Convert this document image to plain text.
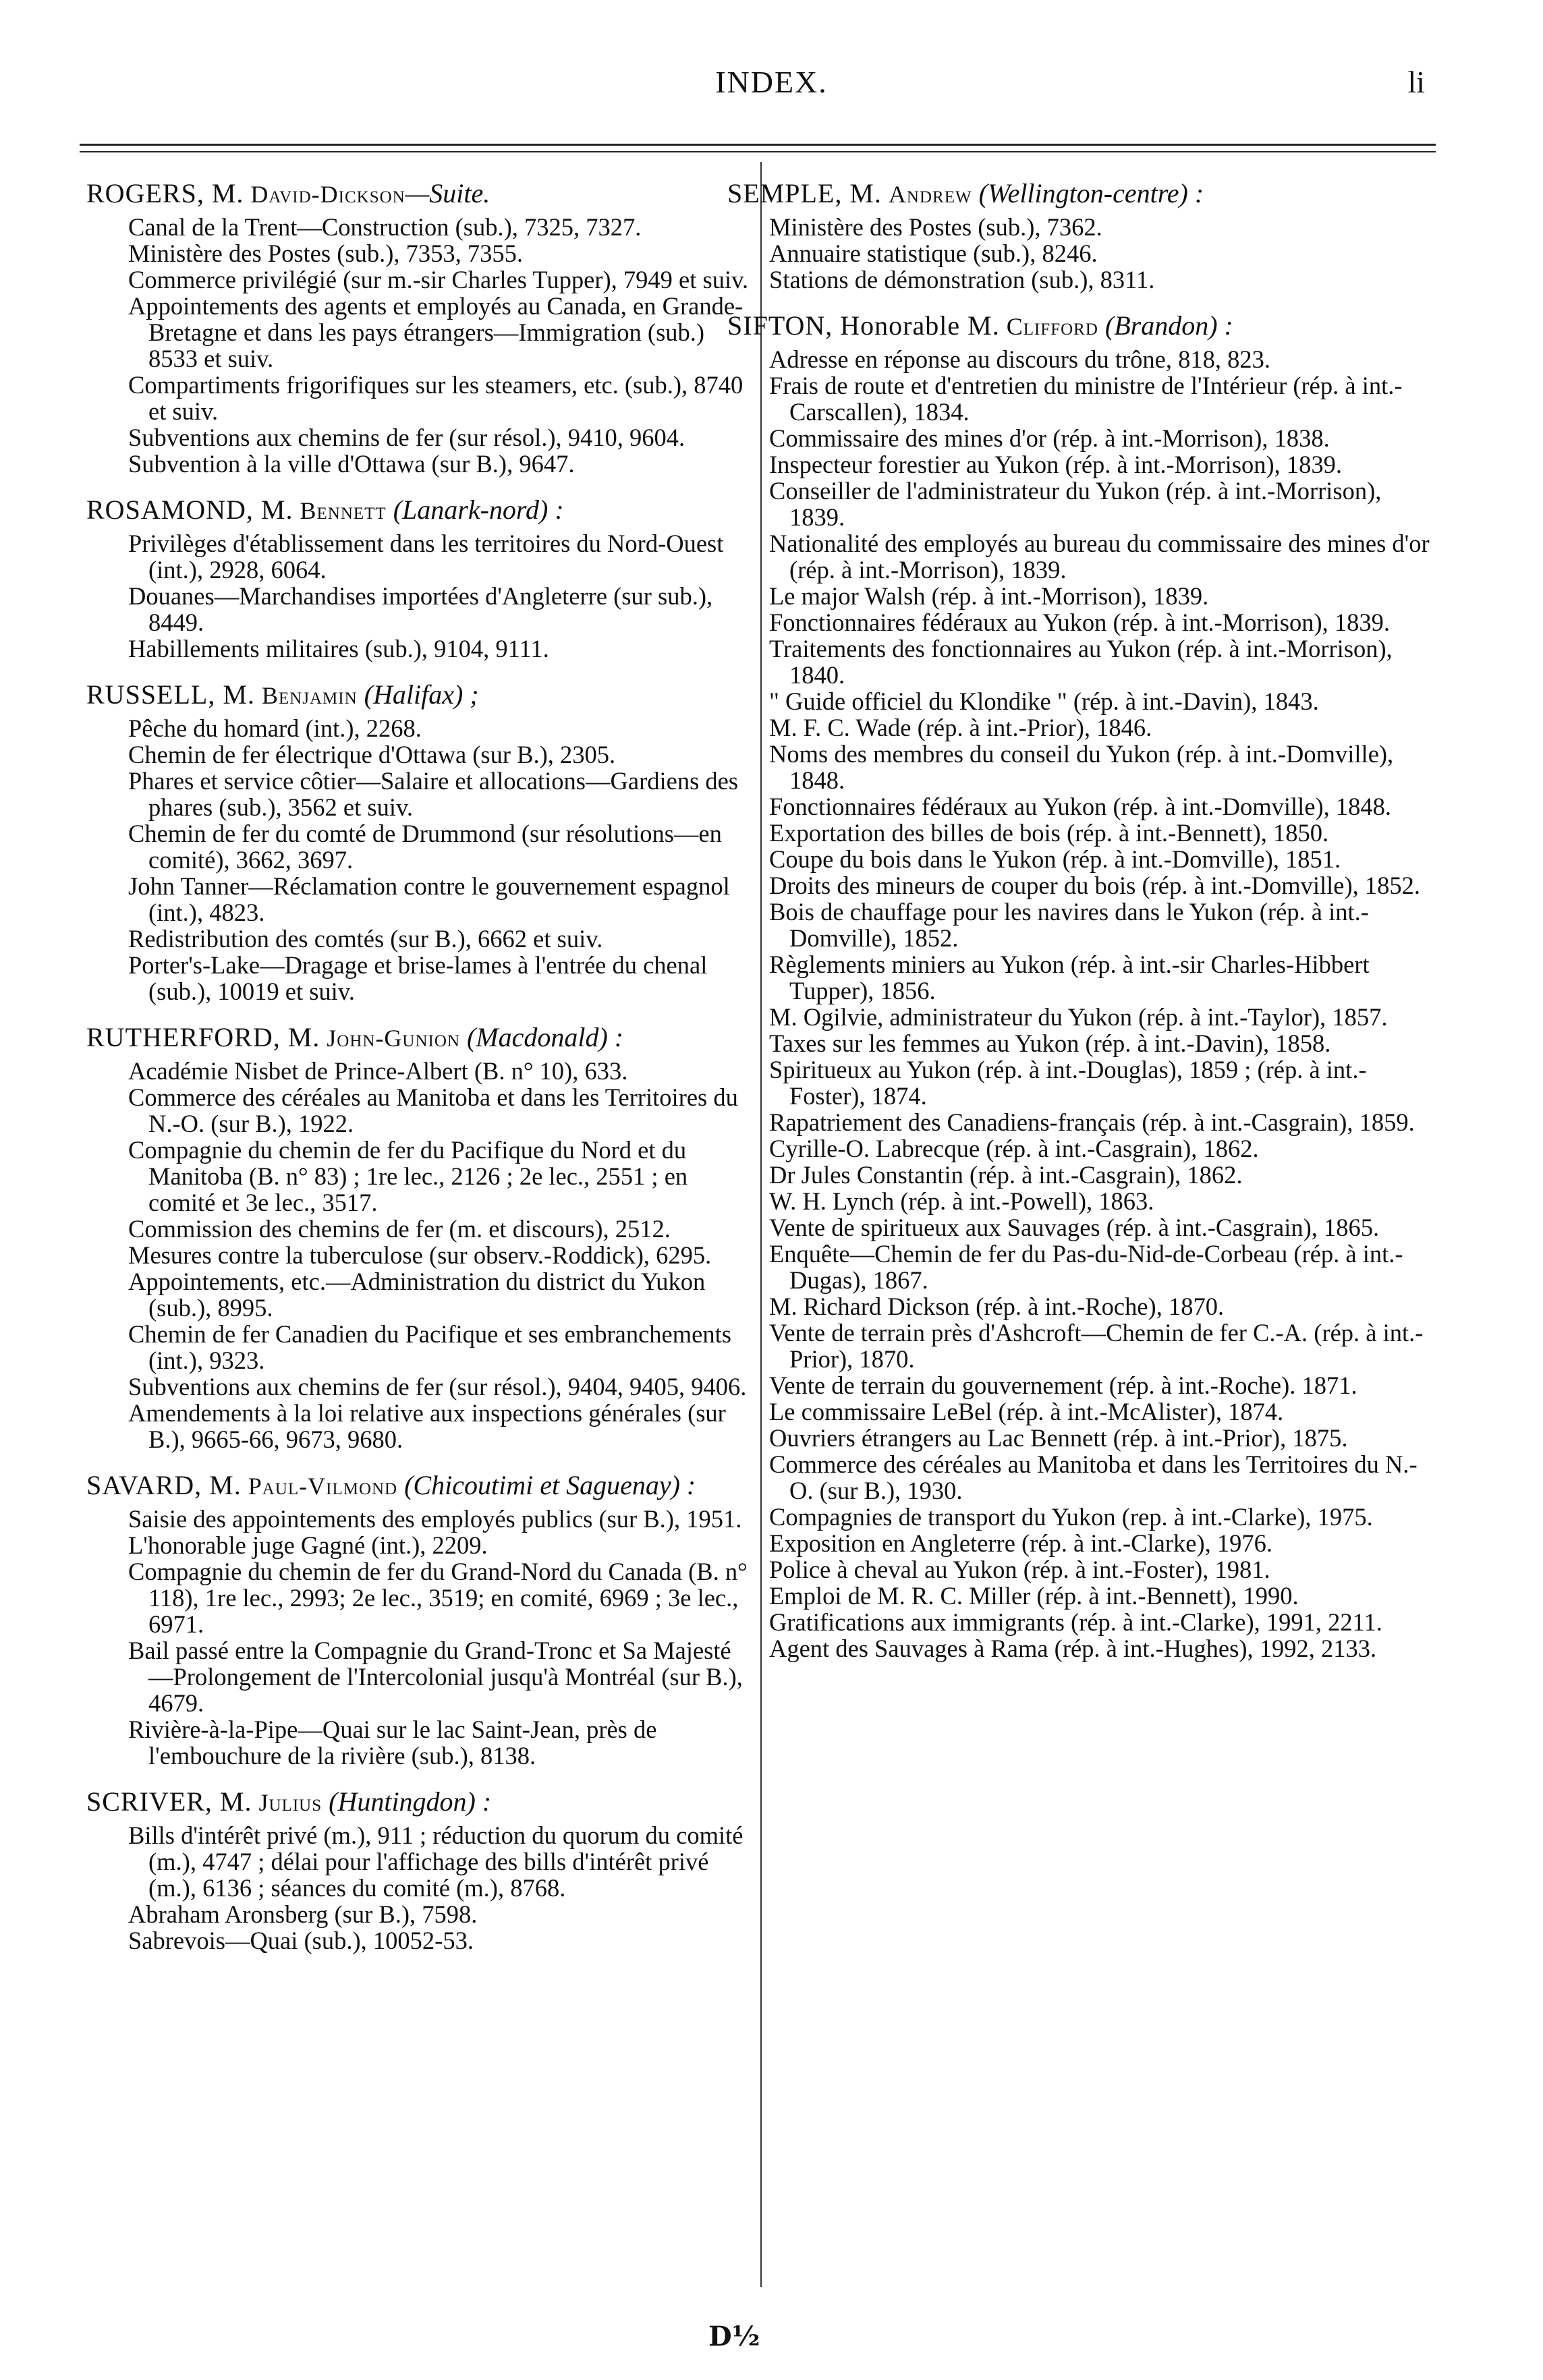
INDEX.	li
ROGERS, M. David-Dickson—Suite.
Canal de la Trent—Construction (sub.), 7325, 7327.
Ministère des Postes (sub.), 7353, 7355.
Commerce privilégié (sur m.-sir Charles Tupper), 7949 et suiv.
Appointements des agents et employés au Canada, en Grande-Bretagne et dans les pays étrangers—Immigration (sub.) 8533 et suiv.
Compartiments frigorifiques sur les steamers, etc. (sub.), 8740 et suiv.
Subventions aux chemins de fer (sur résol.), 9410, 9604.
Subvention à la ville d'Ottawa (sur B.), 9647.
ROSAMOND, M. Bennett (Lanark-nord) :
Privilèges d'établissement dans les territoires du Nord-Ouest (int.), 2928, 6064.
Douanes—Marchandises importées d'Angleterre (sur sub.), 8449.
Habillements militaires (sub.), 9104, 9111.
RUSSELL, M. Benjamin (Halifax) ;
Pêche du homard (int.), 2268.
Chemin de fer électrique d'Ottawa (sur B.), 2305.
Phares et service côtier—Salaire et allocations—Gardiens des phares (sub.), 3562 et suiv.
Chemin de fer du comté de Drummond (sur résolutions—en comité), 3662, 3697.
John Tanner—Réclamation contre le gouvernement espagnol (int.), 4823.
Redistribution des comtés (sur B.), 6662 et suiv.
Porter's-Lake—Dragage et brise-lames à l'entrée du chenal (sub.), 10019 et suiv.
RUTHERFORD, M. John-Gunion (Macdonald) :
Académie Nisbet de Prince-Albert (B. n° 10), 633.
Commerce des céréales au Manitoba et dans les Territoires du N.-O. (sur B.), 1922.
Compagnie du chemin de fer du Pacifique du Nord et du Manitoba (B. n° 83) ; 1re lec., 2126 ; 2e lec., 2551 ; en comité et 3e lec., 3517.
Commission des chemins de fer (m. et discours), 2512.
Mesures contre la tuberculose (sur observ.-Roddick), 6295.
Appointements, etc.—Administration du district du Yukon (sub.), 8995.
Chemin de fer Canadien du Pacifique et ses embranchements (int.), 9323.
Subventions aux chemins de fer (sur résol.), 9404, 9405, 9406.
Amendements à la loi relative aux inspections générales (sur B.), 9665-66, 9673, 9680.
SAVARD, M. Paul-Vilmond (Chicoutimi et Saguenay) :
Saisie des appointements des employés publics (sur B.), 1951.
L'honorable juge Gagné (int.), 2209.
Compagnie du chemin de fer du Grand-Nord du Canada (B. n° 118), 1re lec., 2993; 2e lec., 3519; en comité, 6969 ; 3e lec., 6971.
Bail passé entre la Compagnie du Grand-Tronc et Sa Majesté—Prolongement de l'Intercolonial jusqu'à Montréal (sur B.), 4679.
Rivière-à-la-Pipe—Quai sur le lac Saint-Jean, près de l'embouchure de la rivière (sub.), 8138.
SCRIVER, M. Julius (Huntingdon) :
Bills d'intérêt privé (m.), 911 ; réduction du quorum du comité (m.), 4747 ; délai pour l'affichage des bills d'intérêt privé (m.), 6136 ; séances du comité (m.), 8768.
Abraham Aronsberg (sur B.), 7598.
Sabrevois—Quai (sub.), 10052-53.
SEMPLE, M. Andrew (Wellington-centre) :
Ministère des Postes (sub.), 7362.
Annuaire statistique (sub.), 8246.
Stations de démonstration (sub.), 8311.
SIFTON, Honorable M. Clifford (Brandon) :
Adresse en réponse au discours du trône, 818, 823.
Frais de route et d'entretien du ministre de l'Intérieur (rép. à int.-Carscallen), 1834.
Commissaire des mines d'or (rép. à int.-Morrison), 1838.
Inspecteur forestier au Yukon (rép. à int.-Morrison), 1839.
Conseiller de l'administrateur du Yukon (rép. à int.-Morrison), 1839.
Nationalité des employés au bureau du commissaire des mines d'or (rép. à int.-Morrison), 1839.
Le major Walsh (rép. à int.-Morrison), 1839.
Fonctionnaires fédéraux au Yukon (rép. à int.-Morrison), 1839.
Traitements des fonctionnaires au Yukon (rép. à int.-Morrison), 1840.
" Guide officiel du Klondike " (rép. à int.-Davin), 1843.
M. F. C. Wade (rép. à int.-Prior), 1846.
Noms des membres du conseil du Yukon (rép. à int.-Domville), 1848.
Fonctionnaires fédéraux au Yukon (rép. à int.-Domville), 1848.
Exportation des billes de bois (rép. à int.-Bennett), 1850.
Coupe du bois dans le Yukon (rép. à int.-Domville), 1851.
Droits des mineurs de couper du bois (rép. à int.-Domville), 1852.
Bois de chauffage pour les navires dans le Yukon (rép. à int.-Domville), 1852.
Règlements miniers au Yukon (rép. à int.-sir Charles-Hibbert Tupper), 1856.
M. Ogilvie, administrateur du Yukon (rép. à int.-Taylor), 1857.
Taxes sur les femmes au Yukon (rép. à int.-Davin), 1858.
Spiritueux au Yukon (rép. à int.-Douglas), 1859 ; (rép. à int.-Foster), 1874.
Rapatriement des Canadiens-français (rép. à int.-Casgrain), 1859.
Cyrille-O. Labrecque (rép. à int.-Casgrain), 1862.
Dr Jules Constantin (rép. à int.-Casgrain), 1862.
W. H. Lynch (rép. à int.-Powell), 1863.
Vente de spiritueux aux Sauvages (rép. à int.-Casgrain), 1865.
Enquête—Chemin de fer du Pas-du-Nid-de-Corbeau (rép. à int.-Dugas), 1867.
M. Richard Dickson (rép. à int.-Roche), 1870.
Vente de terrain près d'Ashcroft—Chemin de fer C.-A. (rép. à int.-Prior), 1870.
Vente de terrain du gouvernement (rép. à int.-Roche). 1871.
Le commissaire LeBel (rép. à int.-McAlister), 1874.
Ouvriers étrangers au Lac Bennett (rép. à int.-Prior), 1875.
Commerce des céréales au Manitoba et dans les Territoires du N.-O. (sur B.), 1930.
Compagnies de transport du Yukon (rep. à int.-Clarke), 1975.
Exposition en Angleterre (rép. à int.-Clarke), 1976.
Police à cheval au Yukon (rép. à int.-Foster), 1981.
Emploi de M. R. C. Miller (rép. à int.-Bennett), 1990.
Gratifications aux immigrants (rép. à int.-Clarke), 1991, 2211.
Agent des Sauvages à Rama (rép. à int.-Hughes), 1992, 2133.
D½
